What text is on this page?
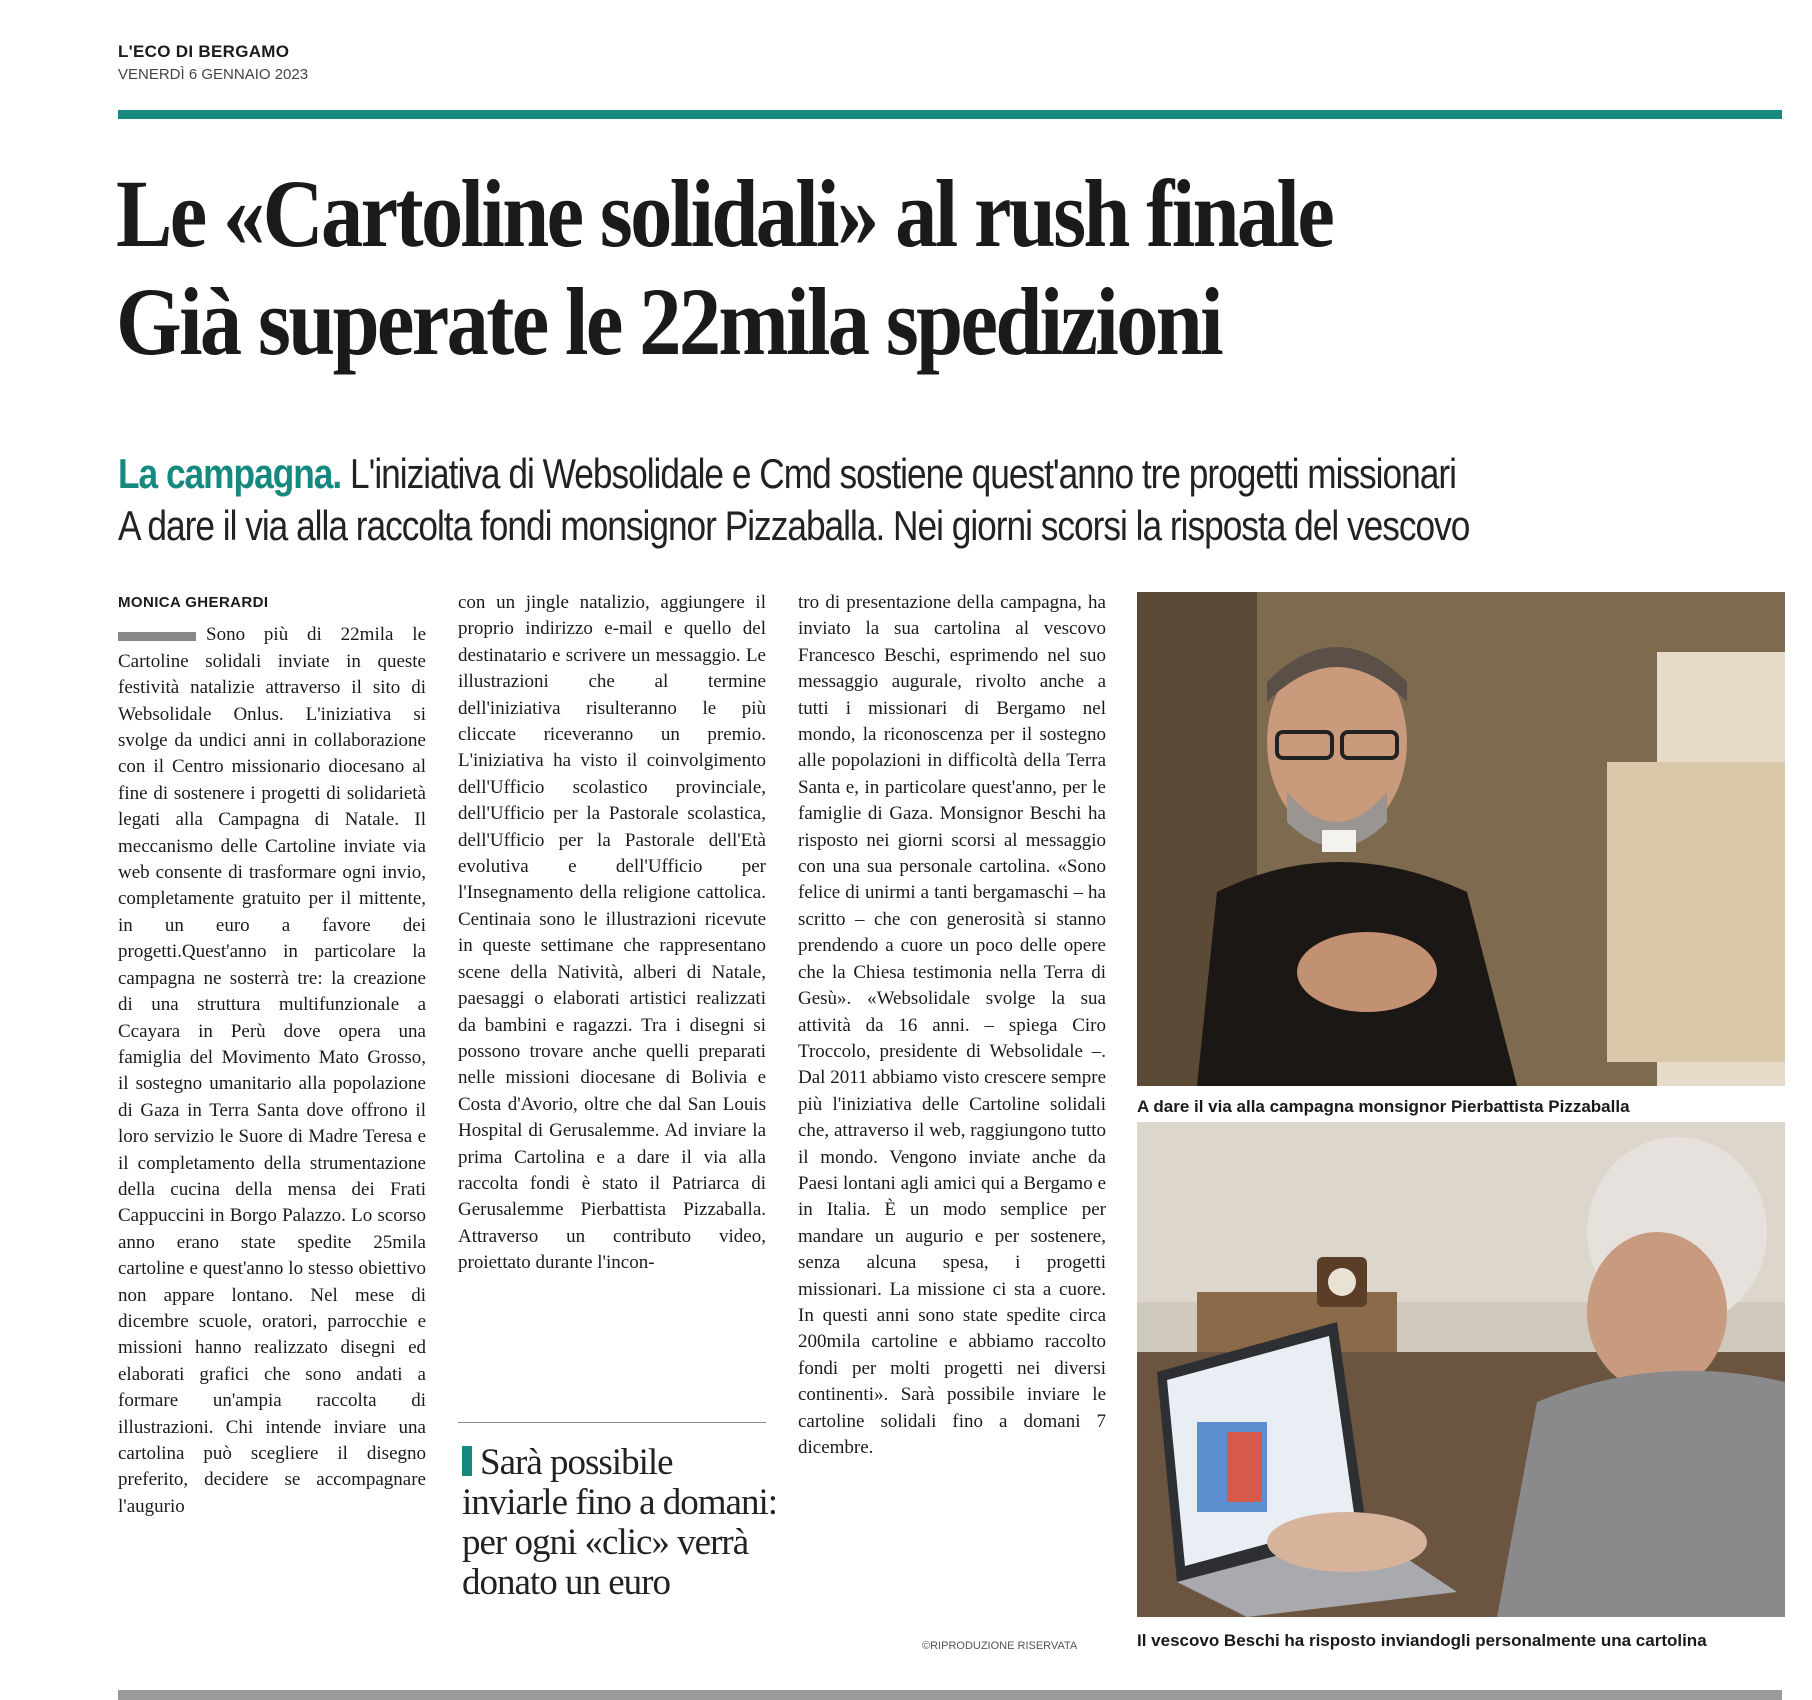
L'ECO DI BERGAMO
VENERDÌ 6 GENNAIO 2023
Le «Cartoline solidali» al rush finale
Già superate le 22mila spedizioni
La campagna. L'iniziativa di Websolidale e Cmd sostiene quest'anno tre progetti missionari
A dare il via alla raccolta fondi monsignor Pizzaballa. Nei giorni scorsi la risposta del vescovo
MONICA GHERARDI

Sono più di 22mila le Cartoline solidali inviate in queste festività natalizie attraverso il sito di Websolidale Onlus. L'iniziativa si svolge da undici anni in collaborazione con il Centro missionario diocesano al fine di sostenere i progetti di solidarietà legati alla Campagna di Natale. Il meccanismo delle Cartoline inviate via web consente di trasformare ogni invio, completamente gratuito per il mittente, in un euro a favore dei progetti.Quest'anno in particolare la campagna ne sosterrà tre: la creazione di una struttura multifunzionale a Ccayara in Perù dove opera una famiglia del Movimento Mato Grosso, il sostegno umanitario alla popolazione di Gaza in Terra Santa dove offrono il loro servizio le Suore di Madre Teresa e il completamento della strumentazione della cucina della mensa dei Frati Cappuccini in Borgo Palazzo. Lo scorso anno erano state spedite 25mila cartoline e quest'anno lo stesso obiettivo non appare lontano. Nel mese di dicembre scuole, oratori, parrocchie e missioni hanno realizzato disegni ed elaborati grafici che sono andati a formare un'ampia raccolta di illustrazioni. Chi intende inviare una cartolina può scegliere il disegno preferito, decidere se accompagnare l'augurio

con un jingle natalizio, aggiungere il proprio indirizzo e-mail e quello del destinatario e scrivere un messaggio. Le illustrazioni che al termine dell'iniziativa risulteranno le più cliccate riceveranno un premio. L'iniziativa ha visto il coinvolgimento dell'Ufficio scolastico provinciale, dell'Ufficio per la Pastorale scolastica, dell'Ufficio per la Pastorale dell'Età evolutiva e dell'Ufficio per l'Insegnamento della religione cattolica. Centinaia sono le illustrazioni ricevute in queste settimane che rappresentano scene della Natività, alberi di Natale, paesaggi o elaborati artistici realizzati da bambini e ragazzi. Tra i disegni si possono trovare anche quelli preparati nelle missioni diocesane di Bolivia e Costa d'Avorio, oltre che dal San Louis Hospital di Gerusalemme. Ad inviare la prima Cartolina e a dare il via alla raccolta fondi è stato il Patriarca di Gerusalemme Pierbattista Pizzaballa. Attraverso un contributo video, proiettato durante l'incon-

Sarà possibile inviarle fino a domani: per ogni «clic» verrà donato un euro

tro di presentazione della campagna, ha inviato la sua cartolina al vescovo Francesco Beschi, esprimendo nel suo messaggio augurale, rivolto anche a tutti i missionari di Bergamo nel mondo, la riconoscenza per il sostegno alle popolazioni in difficoltà della Terra Santa e, in particolare quest'anno, per le famiglie di Gaza. Monsignor Beschi ha risposto nei giorni scorsi al messaggio con una sua personale cartolina. «Sono felice di unirmi a tanti bergamaschi – ha scritto – che con generosità si stanno prendendo a cuore un poco delle opere che la Chiesa testimonia nella Terra di Gesù». «Websolidale svolge la sua attività da 16 anni. – spiega Ciro Troccolo, presidente di Websolidale –. Dal 2011 abbiamo visto crescere sempre più l'iniziativa delle Cartoline solidali che, attraverso il web, raggiungono tutto il mondo. Vengono inviate anche da Paesi lontani agli amici qui a Bergamo e in Italia. È un modo semplice per mandare un augurio e per sostenere, senza alcuna spesa, i progetti missionari. La missione ci sta a cuore. In questi anni sono state spedite circa 200mila cartoline e abbiamo raccolto fondi per molti progetti nei diversi continenti». Sarà possibile inviare le cartoline solidali fino a domani 7 dicembre.

©RIPRODUZIONE RISERVATA
A dare il via alla campagna monsignor Pierbattista Pizzaballa
Il vescovo Beschi ha risposto inviandogli personalmente una cartolina
